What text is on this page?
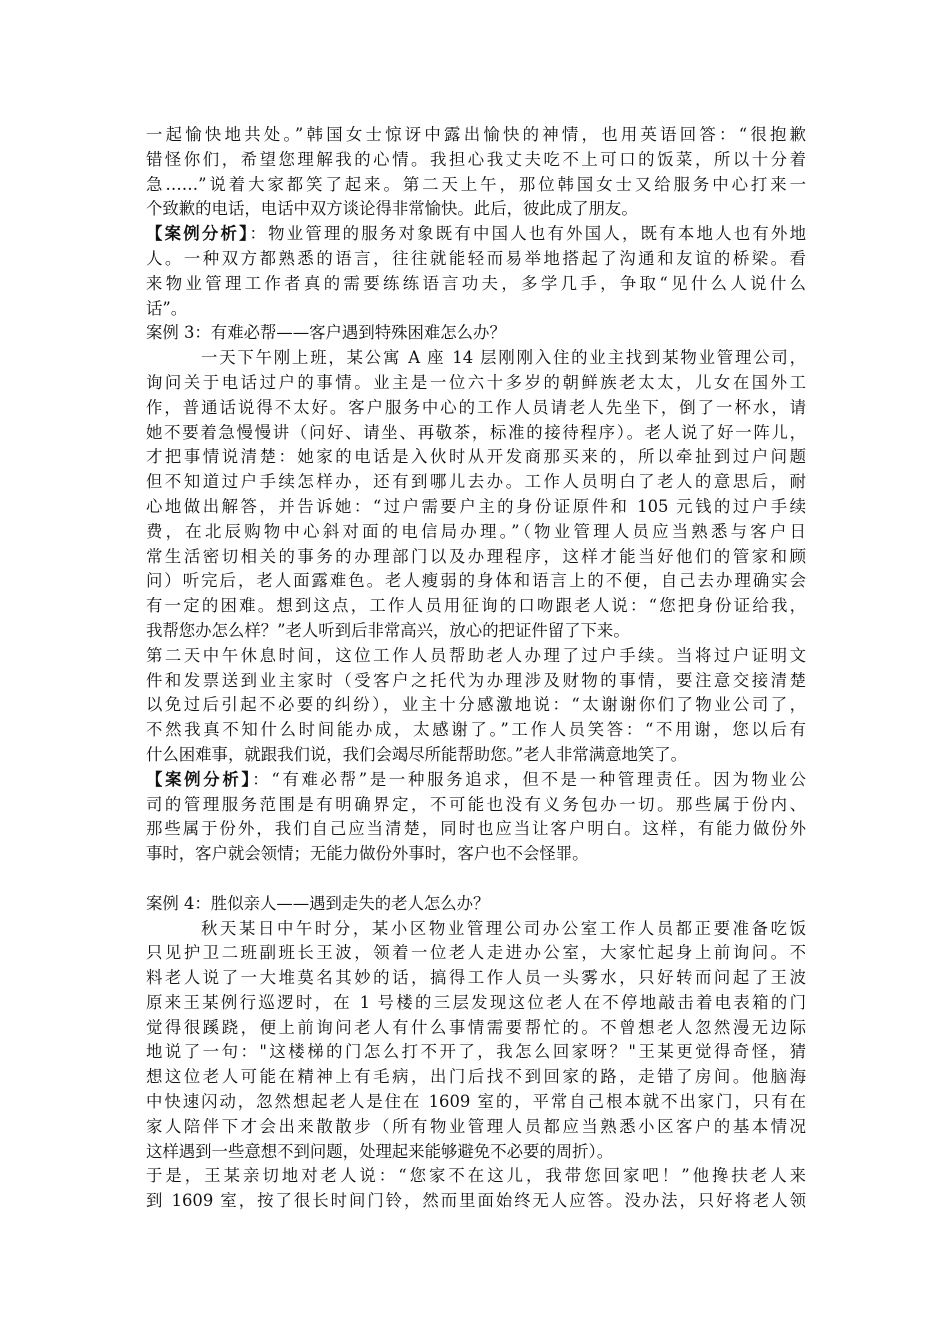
一起愉快地共处。”韩国女士惊讶中露出愉快的神情，也用英语回答：“很抱歉
错怪你们，希望您理解我的心情。我担心我丈夫吃不上可口的饭菜，所以十分着
急……”说着大家都笑了起来。第二天上午，那位韩国女士又给服务中心打来一
个致歉的电话，电话中双方谈论得非常愉快。此后，彼此成了朋友。
【案例分析】：物业管理的服务对象既有中国人也有外国人，既有本地人也有外地
人。一种双方都熟悉的语言，往往就能轻而易举地搭起了沟通和友谊的桥梁。看
来物业管理工作者真的需要练练语言功夫，多学几手，争取“见什么人说什么
话”。
案例 3：有难必帮——客户遇到特殊困难怎么办？
一天下午刚上班，某公寓 A 座 14 层刚刚入住的业主找到某物业管理公司，
询问关于电话过户的事情。业主是一位六十多岁的朝鲜族老太太，儿女在国外工
作，普通话说得不太好。客户服务中心的工作人员请老人先坐下，倒了一杯水，请
她不要着急慢慢讲（问好、请坐、再敬茶，标准的接待程序）。老人说了好一阵儿，
才把事情说清楚：她家的电话是入伙时从开发商那买来的，所以牵扯到过户问题
但不知道过户手续怎样办，还有到哪儿去办。工作人员明白了老人的意思后，耐
心地做出解答，并告诉她：“过户需要户主的身份证原件和 105 元钱的过户手续
费，在北辰购物中心斜对面的电信局办理。”（物业管理人员应当熟悉与客户日
常生活密切相关的事务的办理部门以及办理程序，这样才能当好他们的管家和顾
问）听完后，老人面露难色。老人瘦弱的身体和语言上的不便，自己去办理确实会
有一定的困难。想到这点，工作人员用征询的口吻跟老人说：“您把身份证给我，
我帮您办怎么样？”老人听到后非常高兴，放心的把证件留了下来。
第二天中午休息时间，这位工作人员帮助老人办理了过户手续。当将过户证明文
件和发票送到业主家时（受客户之托代为办理涉及财物的事情，要注意交接清楚
以免过后引起不必要的纠纷），业主十分感激地说：“太谢谢你们了物业公司了，
不然我真不知什么时间能办成，太感谢了。”工作人员笑答：“不用谢，您以后有
什么困难事，就跟我们说，我们会竭尽所能帮助您。”老人非常满意地笑了。
【案例分析】：“有难必帮”是一种服务追求，但不是一种管理责任。因为物业公
司的管理服务范围是有明确界定，不可能也没有义务包办一切。那些属于份内、
那些属于份外，我们自己应当清楚，同时也应当让客户明白。这样，有能力做份外
事时，客户就会领情；无能力做份外事时，客户也不会怪罪。
案例 4：胜似亲人——遇到走失的老人怎么办？
秋天某日中午时分，某小区物业管理公司办公室工作人员都正要准备吃饭
只见护卫二班副班长王波，领着一位老人走进办公室，大家忙起身上前询问。不
料老人说了一大堆莫名其妙的话，搞得工作人员一头雾水，只好转而问起了王波
原来王某例行巡逻时，在 1 号楼的三层发现这位老人在不停地敲击着电表箱的门
觉得很蹊跷，便上前询问老人有什么事情需要帮忙的。不曾想老人忽然漫无边际
地说了一句："这楼梯的门怎么打不开了，我怎么回家呀？"王某更觉得奇怪，猜
想这位老人可能在精神上有毛病，出门后找不到回家的路，走错了房间。他脑海
中快速闪动，忽然想起老人是住在 1609 室的，平常自己根本就不出家门，只有在
家人陪伴下才会出来散散步（所有物业管理人员都应当熟悉小区客户的基本情况
这样遇到一些意想不到问题，处理起来能够避免不必要的周折）。
于是，王某亲切地对老人说：“您家不在这儿，我带您回家吧！”他搀扶老人来
到 1609 室，按了很长时间门铃，然而里面始终无人应答。没办法，只好将老人领
